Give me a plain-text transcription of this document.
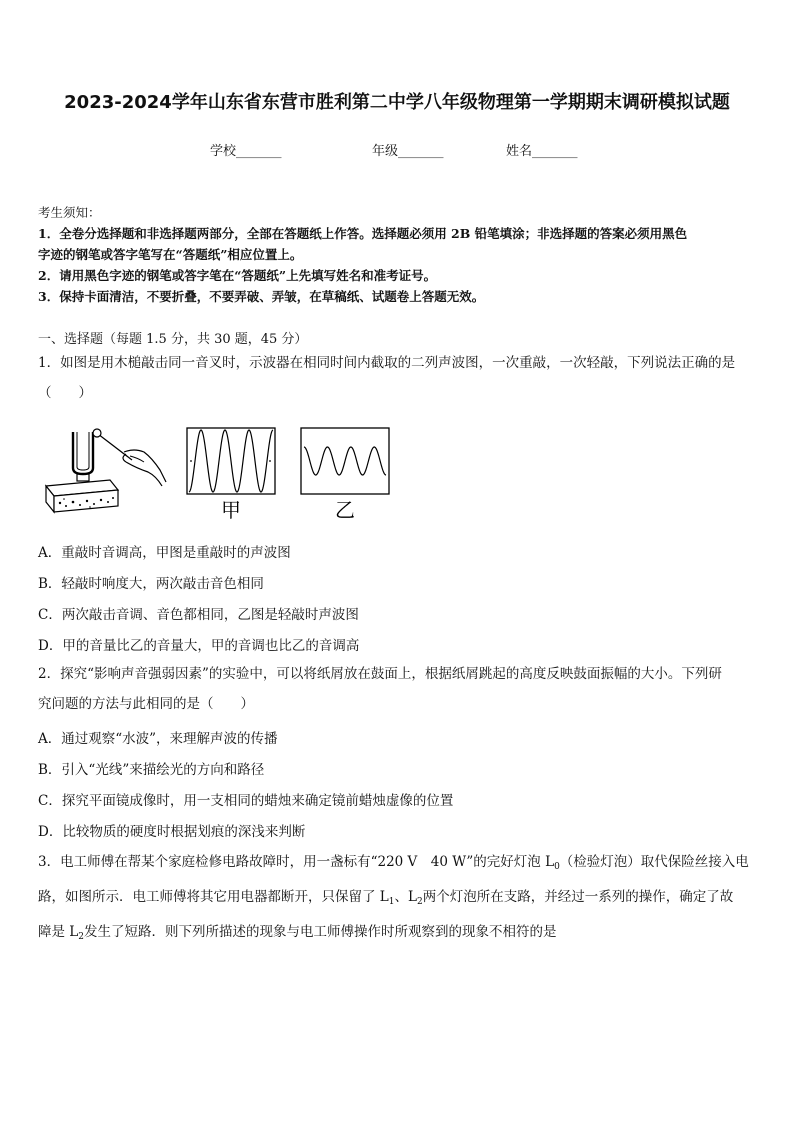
2023-2024学年山东省东营市胜利第二中学八年级物理第一学期期末调研模拟试题
学校_______	年级_______	姓名_______
考生须知：
1．全卷分选择题和非选择题两部分，全部在答题纸上作答。选择题必须用 2B 铅笔填涂；非选择题的答案必须用黑色
字迹的钢笔或答字笔写在“答题纸”相应位置上。
2．请用黑色字迹的钢笔或答字笔在“答题纸”上先填写姓名和准考证号。
3．保持卡面清洁，不要折叠，不要弄破、弄皱，在草稿纸、试题卷上答题无效。
一、选择题（每题 1.5 分，共 30 题，45 分）
1．如图是用木槌敲击同一音叉时，示波器在相同时间内截取的二列声波图，一次重敲，一次轻敲，下列说法正确的是
（　　）
甲	乙
A．重敲时音调高，甲图是重敲时的声波图
B．轻敲时响度大，两次敲击音色相同
C．两次敲击音调、音色都相同，乙图是轻敲时声波图
D．甲的音量比乙的音量大，甲的音调也比乙的音调高
2．探究“影响声音强弱因素”的实验中，可以将纸屑放在鼓面上，根据纸屑跳起的高度反映鼓面振幅的大小。下列研
究问题的方法与此相同的是（　　）
A．通过观察“水波”，来理解声波的传播
B．引入“光线”来描绘光的方向和路径
C．探究平面镜成像时，用一支相同的蜡烛来确定镜前蜡烛虚像的位置
D．比较物质的硬度时根据划痕的深浅来判断
3．电工师傅在帮某个家庭检修电路故障时，用一盏标有“220 V　40 W”的完好灯泡 $L_0$（检验灯泡）取代保险丝接入电
路，如图所示．电工师傅将其它用电器都断开，只保留了 $L_1$、$L_2$两个灯泡所在支路，并经过一系列的操作，确定了故
障是 $L_2$发生了短路．则下列所描述的现象与电工师傅操作时所观察到的现象不相符的是
